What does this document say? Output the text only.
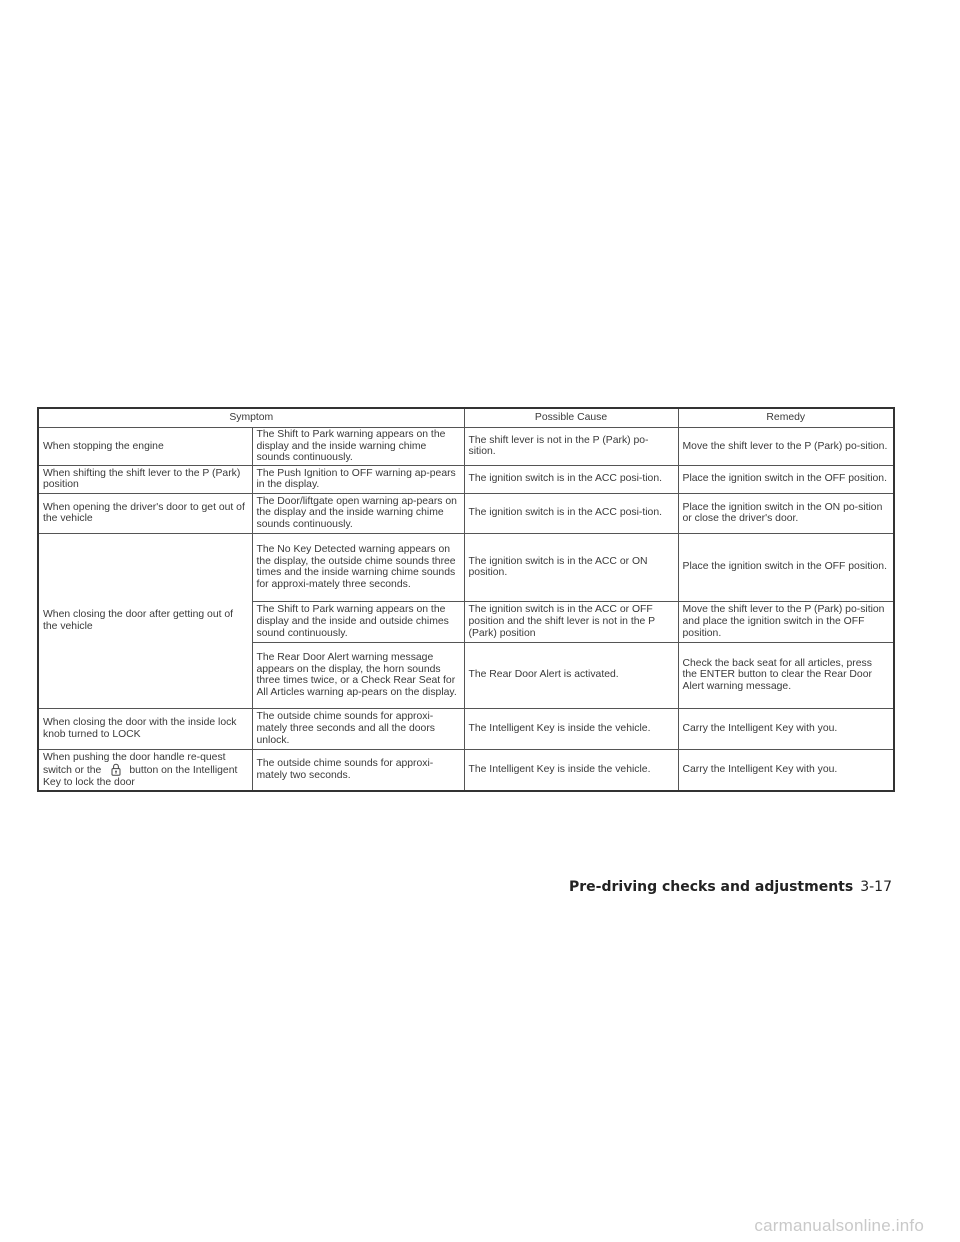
Symptom		Possible Cause	Remedy
When stopping the engine	The Shift to Park warning appears on the display and the inside warning chime sounds continuously.	The shift lever is not in the P (Park) po-sition.	Move the shift lever to the P (Park) po-sition.
When shifting the shift lever to the P (Park) position	The Push Ignition to OFF warning ap-pears in the display.	The ignition switch is in the ACC posi-tion.	Place the ignition switch in the OFF position.
When opening the driver's door to get out of the vehicle	The Door/liftgate open warning ap-pears on the display and the inside warning chime sounds continuously.	The ignition switch is in the ACC posi-tion.	Place the ignition switch in the ON po-sition or close the driver's door.
When closing the door after getting out of the vehicle	The No Key Detected warning appears on the display, the outside chime sounds three times and the inside warning chime sounds for approxi-mately three seconds.	The ignition switch is in the ACC or ON position.	Place the ignition switch in the OFF position.
	The Shift to Park warning appears on the display and the inside and outside chimes sound continuously.	The ignition switch is in the ACC or OFF position and the shift lever is not in the P (Park) position	Move the shift lever to the P (Park) po-sition and place the ignition switch in the OFF position.
	The Rear Door Alert warning message appears on the display, the horn sounds three times twice, or a Check Rear Seat for All Articles warning ap-pears on the display.	The Rear Door Alert is activated.	Check the back seat for all articles, press the ENTER button to clear the Rear Door Alert warning message.
When closing the door with the inside lock knob turned to LOCK	The outside chime sounds for approxi-mately three seconds and all the doors unlock.	The Intelligent Key is inside the vehicle.	Carry the Intelligent Key with you.
When pushing the door handle re-quest switch or the button on the Intelligent Key to lock the door	The outside chime sounds for approxi-mately two seconds.	The Intelligent Key is inside the vehicle.	Carry the Intelligent Key with you.
Pre-driving checks and adjustments 3-17
carmanualsonline.info
